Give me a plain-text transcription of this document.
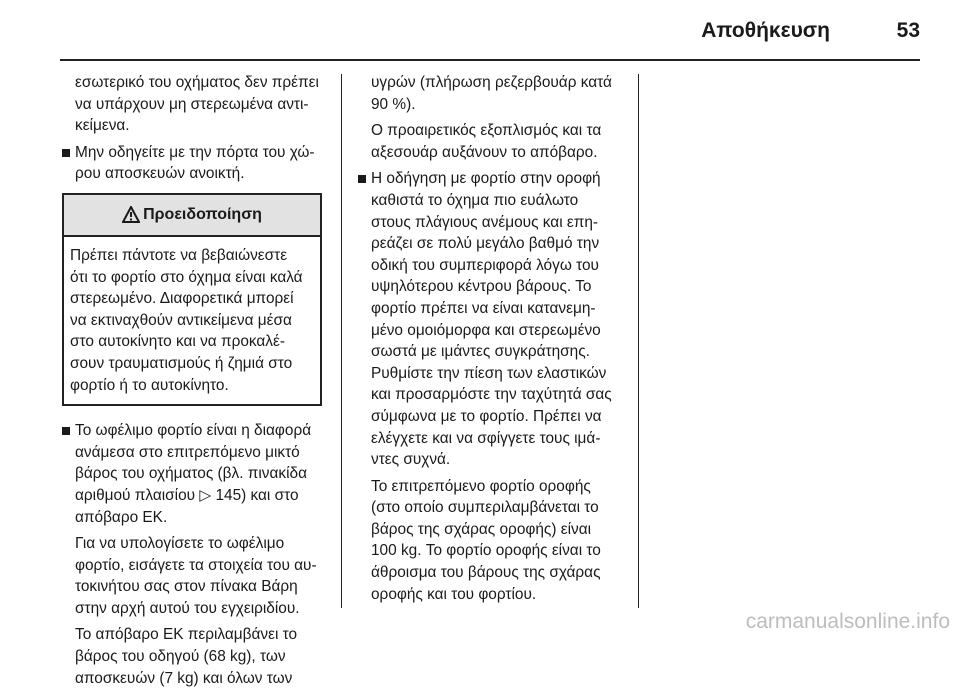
Αποθήκευση	53
εσωτερικό του οχήματος δεν πρέπει
να υπάρχουν μη στερεωμένα αντι-
κείμενα.
Μην οδηγείτε με την πόρτα του χώ-
ρου αποσκευών ανοικτή.
Προειδοποίηση
Πρέπει πάντοτε να βεβαιώνεστε
ότι το φορτίο στο όχημα είναι καλά
στερεωμένο. Διαφορετικά μπορεί
να εκτιναχθούν αντικείμενα μέσα
στο αυτοκίνητο και να προκαλέ-
σουν τραυματισμούς ή ζημιά στο
φορτίο ή το αυτοκίνητο.
Το ωφέλιμο φορτίο είναι η διαφορά
ανάμεσα στο επιτρεπόμενο μικτό
βάρος του οχήματος (βλ. πινακίδα
αριθμού πλαισίου ▷ 145) και στο
απόβαρο ΕΚ.
Για να υπολογίσετε το ωφέλιμο
φορτίο, εισάγετε τα στοιχεία του αυ-
τοκινήτου σας στον πίνακα Βάρη
στην αρχή αυτού του εγχειριδίου.
Το απόβαρο ΕΚ περιλαμβάνει το
βάρος του οδηγού (68 kg), των
αποσκευών (7 kg) και όλων των
υγρών (πλήρωση ρεζερβουάρ κατά
90 %).
Ο προαιρετικός εξοπλισμός και τα
αξεσουάρ αυξάνουν το απόβαρο.
Η οδήγηση με φορτίο στην οροφή
καθιστά το όχημα πιο ευάλωτο
στους πλάγιους ανέμους και επη-
ρεάζει σε πολύ μεγάλο βαθμό την
οδική του συμπεριφορά λόγω του
υψηλότερου κέντρου βάρους. Το
φορτίο πρέπει να είναι κατανεμη-
μένο ομοιόμορφα και στερεωμένο
σωστά με ιμάντες συγκράτησης.
Ρυθμίστε την πίεση των ελαστικών
και προσαρμόστε την ταχύτητά σας
σύμφωνα με το φορτίο. Πρέπει να
ελέγχετε και να σφίγγετε τους ιμά-
ντες συχνά.
Το επιτρεπόμενο φορτίο οροφής
(στο οποίο συμπεριλαμβάνεται το
βάρος της σχάρας οροφής) είναι
100 kg. Το φορτίο οροφής είναι το
άθροισμα του βάρους της σχάρας
οροφής και του φορτίου.
carmanualsonline.info
